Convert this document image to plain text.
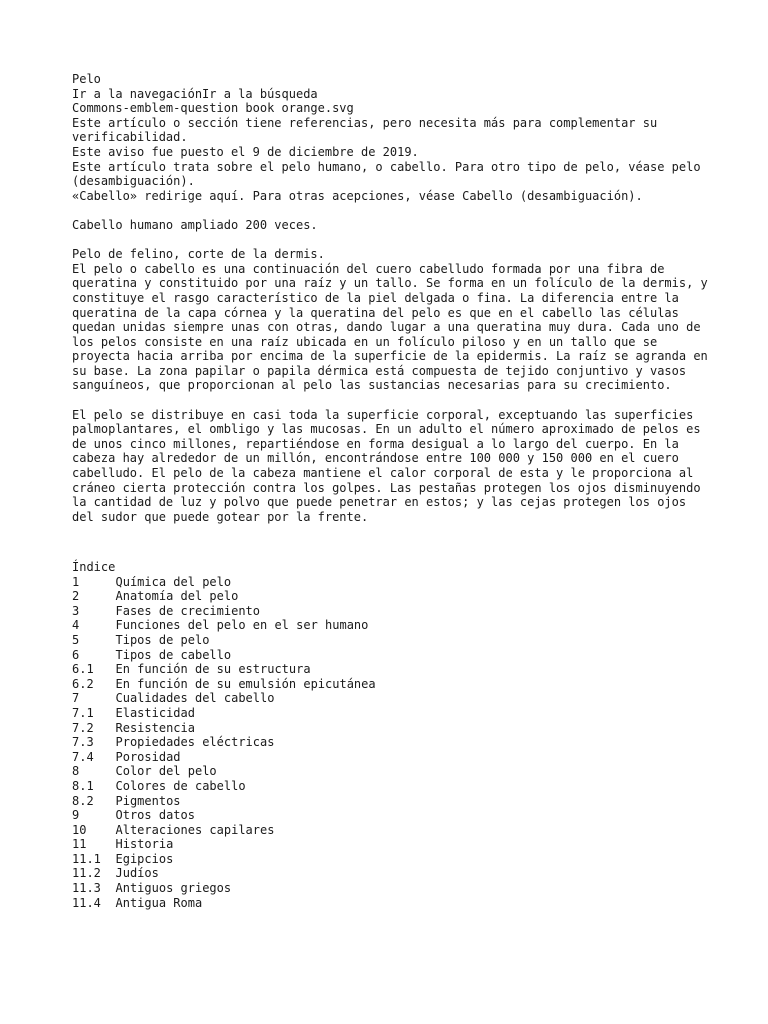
Pelo
Ir a la navegaciónIr a la búsqueda
Commons-emblem-question book orange.svg
Este artículo o sección tiene referencias, pero necesita más para complementar su verificabilidad.
Este aviso fue puesto el 9 de diciembre de 2019.
Este artículo trata sobre el pelo humano, o cabello. Para otro tipo de pelo, véase pelo (desambiguación).
«Cabello» redirige aquí. Para otras acepciones, véase Cabello (desambiguación).
Cabello humano ampliado 200 veces.
Pelo de felino, corte de la dermis.

El pelo o cabello es una continuación del cuero cabelludo formada por una fibra de queratina y constituido por una raíz y un tallo. Se forma en un folículo de la dermis, y constituye el rasgo característico de la piel delgada o fina. La diferencia entre la queratina de la capa córnea y la queratina del pelo es que en el cabello las células quedan unidas siempre unas con otras, dando lugar a una queratina muy dura. Cada uno de los pelos consiste en una raíz ubicada en un folículo piloso y en un tallo que se proyecta hacia arriba por encima de la superficie de la epidermis. La raíz se agranda en su base. La zona papilar o papila dérmica está compuesta de tejido conjuntivo y vasos sanguíneos, que proporcionan al pelo las sustancias necesarias para su crecimiento.

El pelo se distribuye en casi toda la superficie corporal, exceptuando las superficies palmoplantares, el ombligo y las mucosas. En un adulto el número aproximado de pelos es de unos cinco millones, repartiéndose en forma desigual a lo largo del cuerpo. En la cabeza hay alrededor de un millón, encontrándose entre 100 000 y 150 000 en el cuero cabelludo. El pelo de la cabeza mantiene el calor corporal de esta y le proporciona al cráneo cierta protección contra los golpes. Las pestañas protegen los ojos disminuyendo la cantidad de luz y polvo que puede penetrar en estos; y las cejas protegen los ojos del sudor que puede gotear por la frente.

Índice
1	Química del pelo
2	Anatomía del pelo
3	Fases de crecimiento
4	Funciones del pelo en el ser humano
5	Tipos de pelo
6	Tipos de cabello
6.1	En función de su estructura
6.2	En función de su emulsión epicutánea
7	Cualidades del cabello
7.1	Elasticidad
7.2	Resistencia
7.3	Propiedades eléctricas
7.4	Porosidad
8	Color del pelo
8.1	Colores de cabello
8.2	Pigmentos
9	Otros datos
10	Alteraciones capilares
11	Historia
11.1	Egipcios
11.2	Judíos
11.3	Antiguos griegos
11.4	Antigua Roma
